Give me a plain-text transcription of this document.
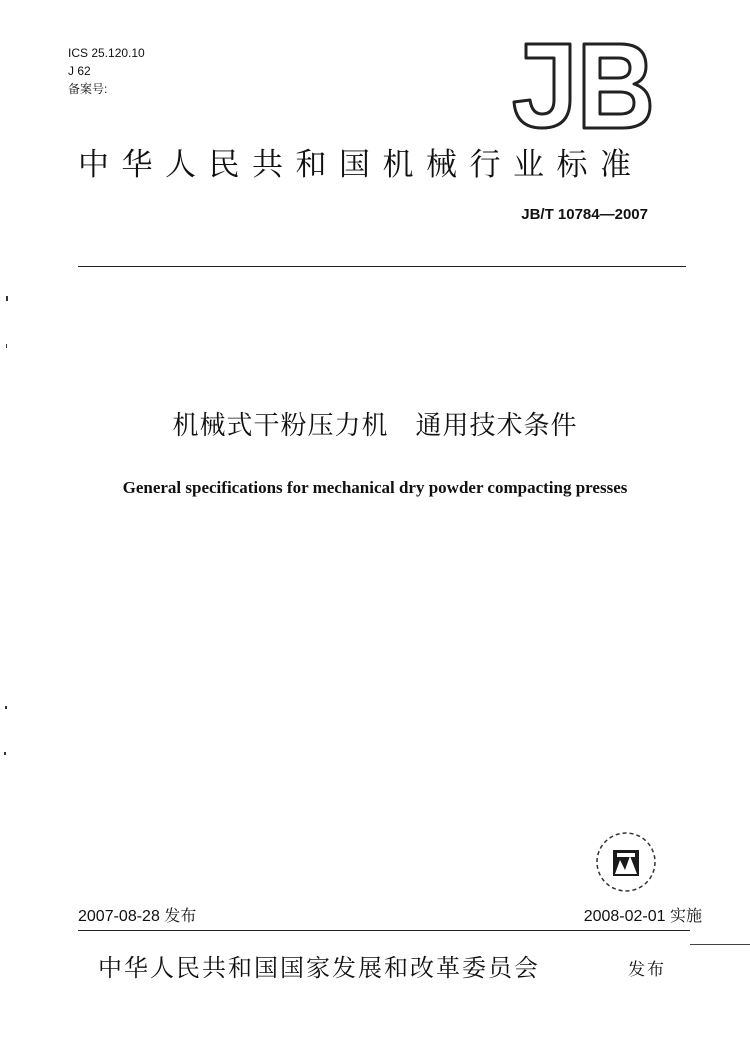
ICS 25.120.10
J 62
备案号:
中华人民共和国机械行业标准
JB/T 10784—2007
机械式干粉压力机　通用技术条件
General specifications for mechanical dry powder compacting presses
2007-08-28 发布	2008-02-01 实施
中华人民共和国国家发展和改革委员会	发布
